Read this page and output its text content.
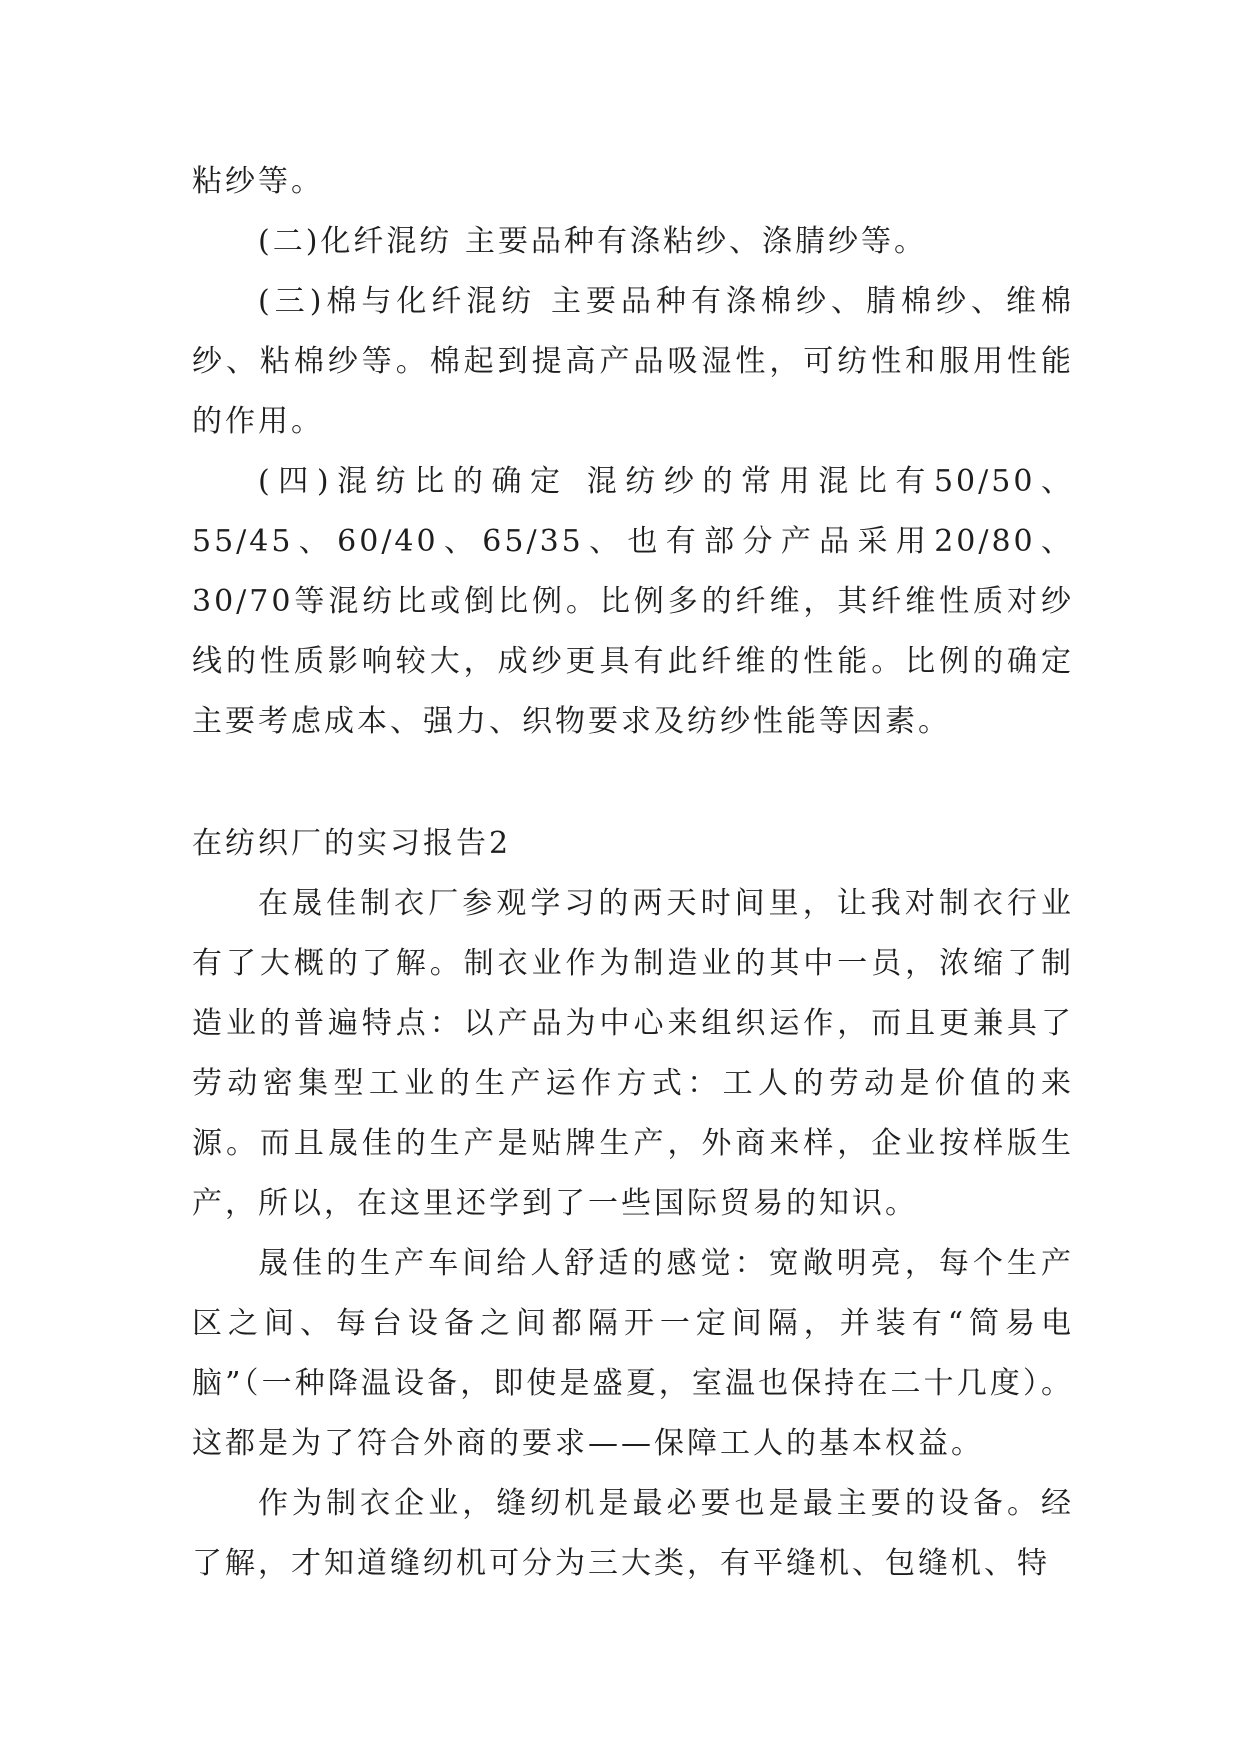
粘纱等。

(二)化纤混纺 主要品种有涤粘纱、涤腈纱等。

(三)棉与化纤混纺 主要品种有涤棉纱、腈棉纱、维棉纱、粘棉纱等。棉起到提高产品吸湿性，可纺性和服用性能的作用。

(四)混纺比的确定 混纺纱的常用混比有50/50、55/45、60/40、65/35、也有部分产品采用20/80、30/70等混纺比或倒比例。比例多的纤维，其纤维性质对纱线的性质影响较大，成纱更具有此纤维的性能。比例的确定主要考虑成本、强力、织物要求及纺纱性能等因素。

在纺织厂的实习报告2

在晟佳制衣厂参观学习的两天时间里，让我对制衣行业有了大概的了解。制衣业作为制造业的其中一员，浓缩了制造业的普遍特点：以产品为中心来组织运作，而且更兼具了劳动密集型工业的生产运作方式：工人的劳动是价值的来源。而且晟佳的生产是贴牌生产，外商来样，企业按样版生产，所以，在这里还学到了一些国际贸易的知识。

晟佳的生产车间给人舒适的感觉：宽敞明亮，每个生产区之间、每台设备之间都隔开一定间隔，并装有“简易电脑”（一种降温设备，即使是盛夏，室温也保持在二十几度）。这都是为了符合外商的要求——保障工人的基本权益。

作为制衣企业，缝纫机是最必要也是最主要的设备。经了解，才知道缝纫机可分为三大类，有平缝机、包缝机、特
